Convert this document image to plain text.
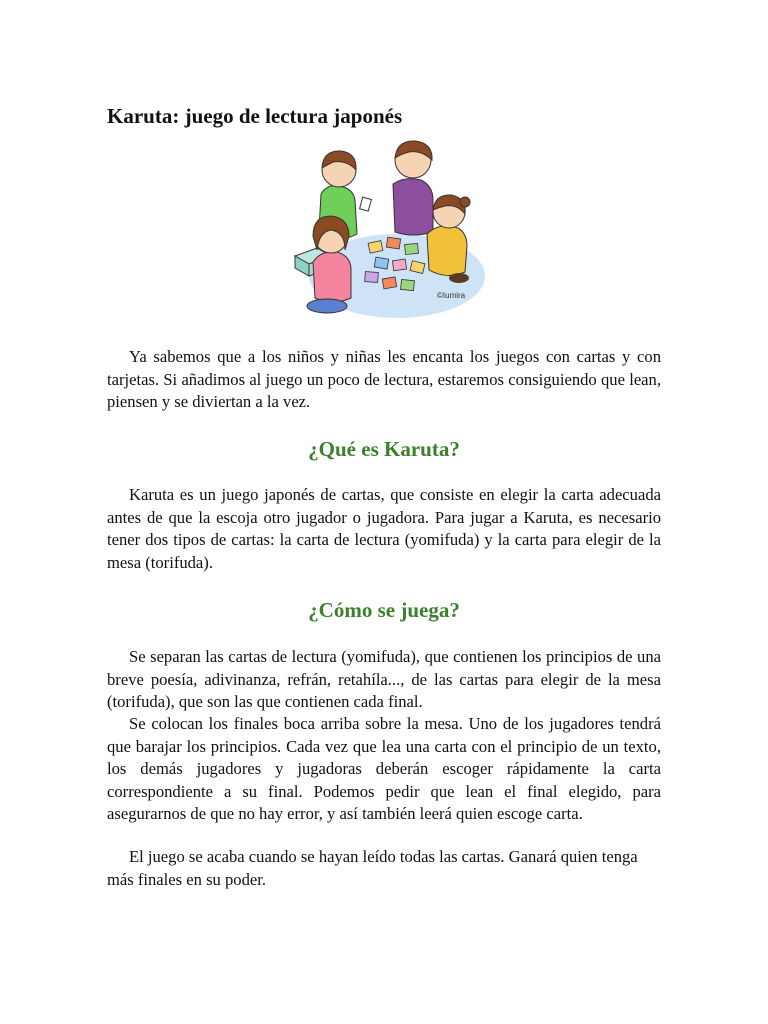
Karuta: juego de lectura japonés
©Iumira

Ya sabemos que a los niños y niñas les encanta los juegos con cartas y con tarjetas. Si añadimos al juego un poco de lectura, estaremos consiguiendo que lean, piensen y se diviertan a la vez.

¿Qué es Karuta?

Karuta es un juego japonés de cartas, que consiste en elegir la carta adecuada antes de que la escoja otro jugador o jugadora. Para jugar a Karuta, es necesario tener dos tipos de cartas: la carta de lectura (yomifuda) y la carta para elegir de la mesa (torifuda).

¿Cómo se juega?

Se separan las cartas de lectura (yomifuda), que contienen los principios de una breve poesía, adivinanza, refrán, retahíla..., de las cartas para elegir de la mesa (torifuda), que son las que contienen cada final.

Se colocan los finales boca arriba sobre la mesa. Uno de los jugadores tendrá que barajar los principios. Cada vez que lea una carta con el principio de un texto, los demás jugadores y jugadoras deberán escoger rápidamente la carta correspondiente a su final. Podemos pedir que lean el final elegido, para asegurarnos de que no hay error, y así también leerá quien escoge carta.

El juego se acaba cuando se hayan leído todas las cartas. Ganará quien tenga más finales en su poder.
